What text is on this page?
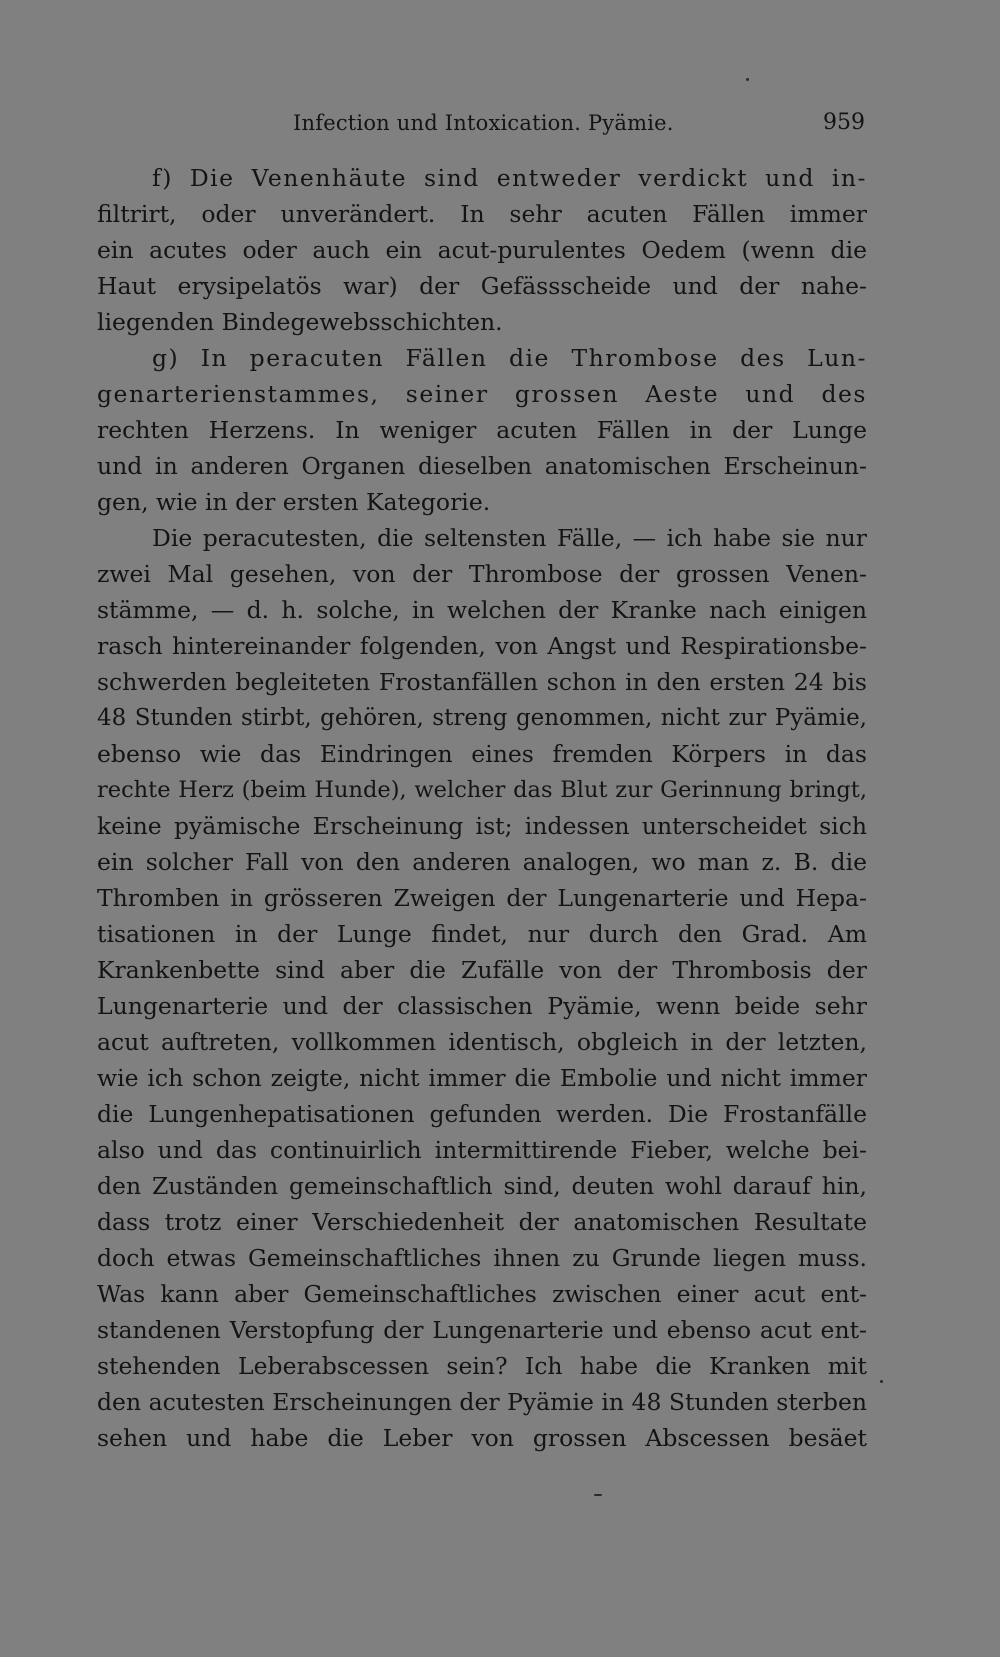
Infection und Intoxication. Pyämie.	959
f) Die Venenhäute sind entweder verdickt und in-
filtrirt, oder unverändert. In sehr acuten Fällen immer
ein acutes oder auch ein acut-purulentes Oedem (wenn die
Haut erysipelatös war) der Gefässscheide und der nahe-
liegenden Bindegewebsschichten.
g) In peracuten Fällen die Thrombose des Lun-
genarterienstammes, seiner grossen Aeste und des
rechten Herzens. In weniger acuten Fällen in der Lunge
und in anderen Organen dieselben anatomischen Erscheinun-
gen, wie in der ersten Kategorie.
Die peracutesten, die seltensten Fälle, — ich habe sie nur
zwei Mal gesehen, von der Thrombose der grossen Venen-
stämme, — d. h. solche, in welchen der Kranke nach einigen
rasch hintereinander folgenden, von Angst und Respirationsbe-
schwerden begleiteten Frostanfällen schon in den ersten 24 bis
48 Stunden stirbt, gehören, streng genommen, nicht zur Pyämie,
ebenso wie das Eindringen eines fremden Körpers in das
rechte Herz (beim Hunde), welcher das Blut zur Gerinnung bringt,
keine pyämische Erscheinung ist; indessen unterscheidet sich
ein solcher Fall von den anderen analogen, wo man z. B. die
Thromben in grösseren Zweigen der Lungenarterie und Hepa-
tisationen in der Lunge findet, nur durch den Grad. Am
Krankenbette sind aber die Zufälle von der Thrombosis der
Lungenarterie und der classischen Pyämie, wenn beide sehr
acut auftreten, vollkommen identisch, obgleich in der letzten,
wie ich schon zeigte, nicht immer die Embolie und nicht immer
die Lungenhepatisationen gefunden werden. Die Frostanfälle
also und das continuirlich intermittirende Fieber, welche bei-
den Zuständen gemeinschaftlich sind, deuten wohl darauf hin,
dass trotz einer Verschiedenheit der anatomischen Resultate
doch etwas Gemeinschaftliches ihnen zu Grunde liegen muss.
Was kann aber Gemeinschaftliches zwischen einer acut ent-
standenen Verstopfung der Lungenarterie und ebenso acut ent-
stehenden Leberabscessen sein? Ich habe die Kranken mit
den acutesten Erscheinungen der Pyämie in 48 Stunden sterben
sehen und habe die Leber von grossen Abscessen besäet
